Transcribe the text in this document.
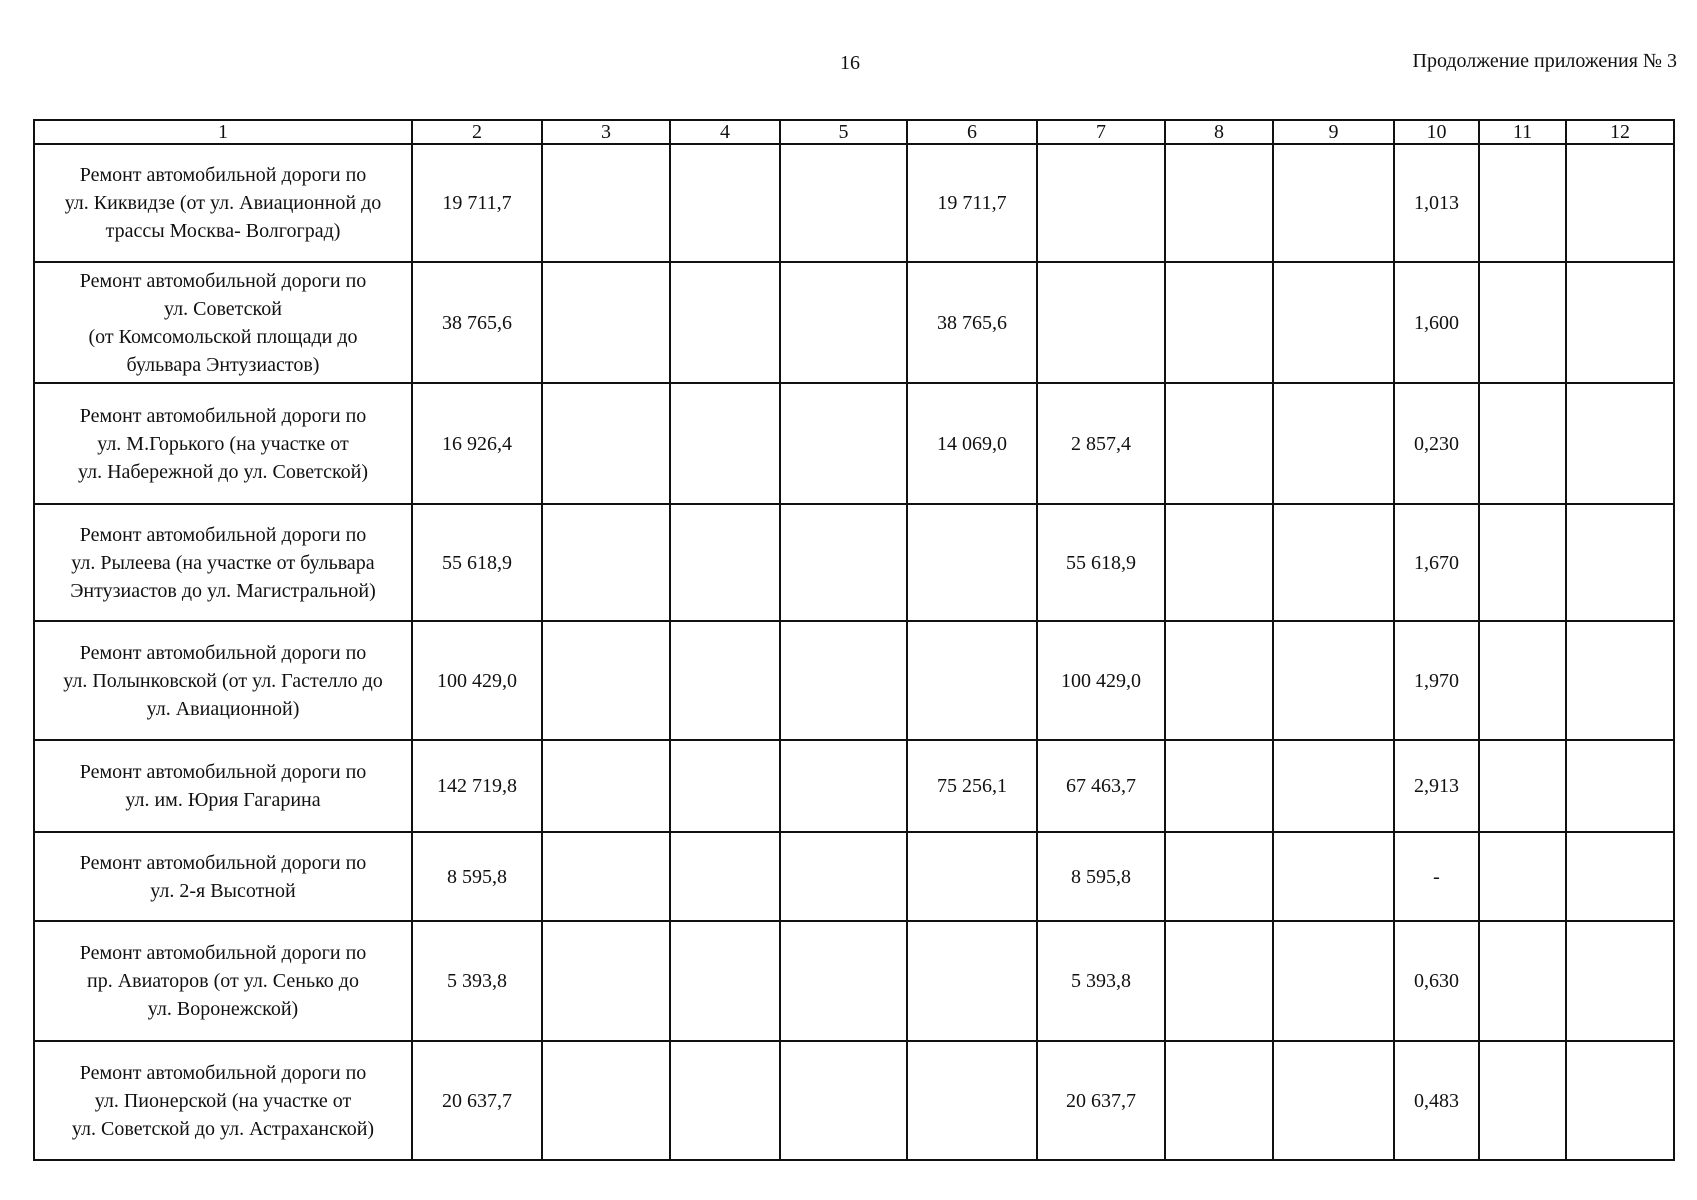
16	Продолжение приложения № 3
1	2	3	4	5	6	7	8	9	10	11	12

Ремонт автомобильной дороги по
ул. Киквидзе (от ул. Авиационной до
трассы Москва- Волгоград)	19 711,7				19 711,7				1,013		

Ремонт автомобильной дороги по
ул. Советской
(от Комсомольской площади до
бульвара Энтузиастов)	38 765,6				38 765,6				1,600		

Ремонт автомобильной дороги по
ул. М.Горького (на участке от
ул. Набережной до ул. Советской)	16 926,4				14 069,0	2 857,4			0,230		

Ремонт автомобильной дороги по
ул. Рылеева (на участке от бульвара
Энтузиастов до ул. Магистральной)	55 618,9					55 618,9			1,670		

Ремонт автомобильной дороги по
ул. Полынковской (от ул. Гастелло до
ул. Авиационной)	100 429,0					100 429,0			1,970		

Ремонт автомобильной дороги по
ул. им. Юрия Гагарина	142 719,8				75 256,1	67 463,7			2,913		

Ремонт автомобильной дороги по
ул. 2-я Высотной	8 595,8					8 595,8			-		

Ремонт автомобильной дороги по
пр. Авиаторов (от ул. Сенько до
ул. Воронежской)	5 393,8					5 393,8			0,630		

Ремонт автомобильной дороги по
ул. Пионерской (на участке от
ул. Советской до ул. Астраханской)	20 637,7					20 637,7			0,483		
